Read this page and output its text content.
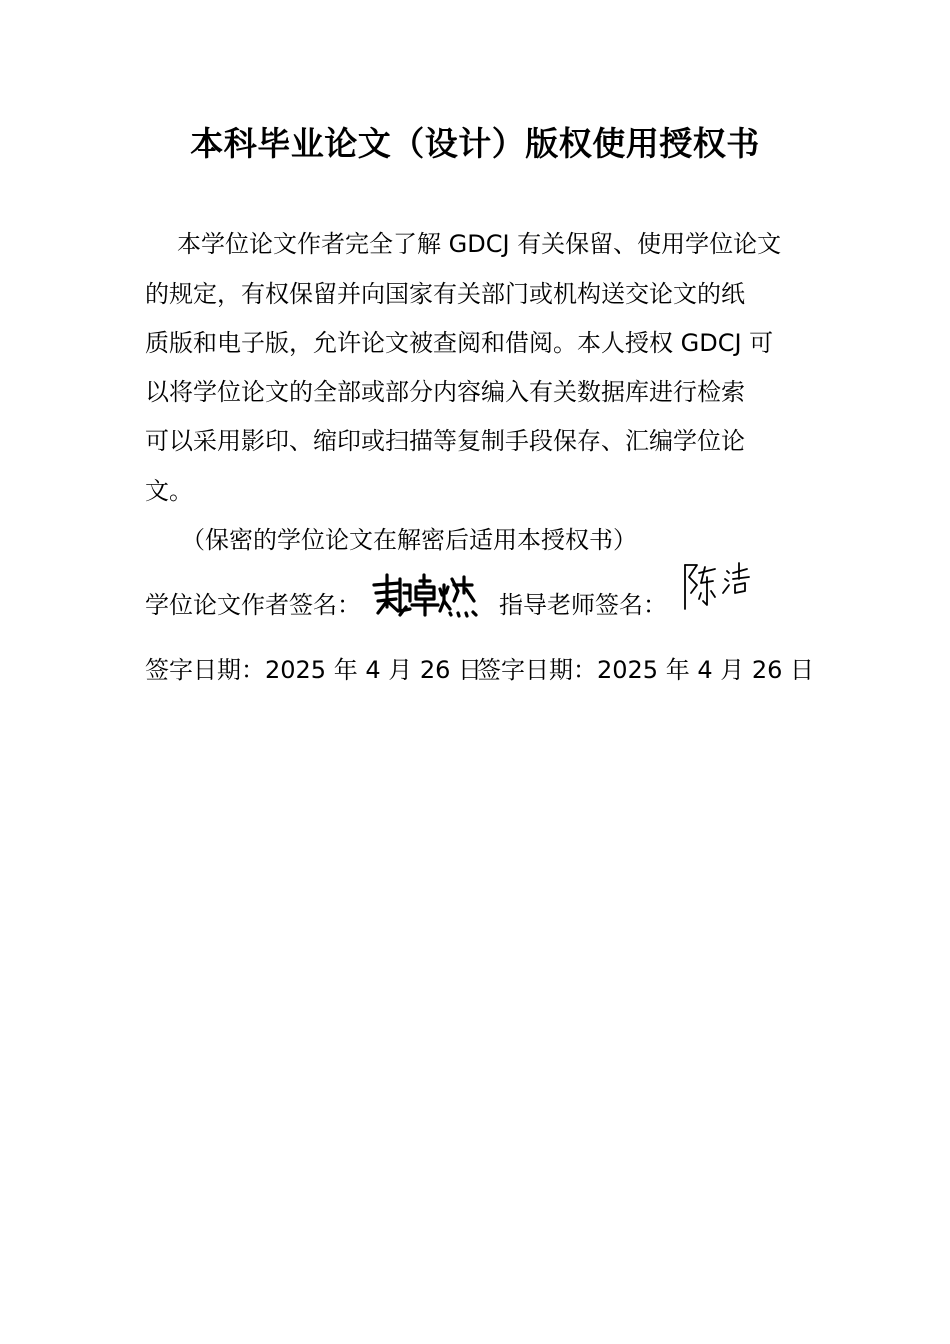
本科毕业论文（设计）版权使用授权书
本学位论文作者完全了解 GDCJ 有关保留、使用学位论文
的规定，有权保留并向国家有关部门或机构送交论文的纸
质版和电子版，允许论文被查阅和借阅。本人授权 GDCJ 可
以将学位论文的全部或部分内容编入有关数据库进行检索
可以采用影印、缩印或扫描等复制手段保存、汇编学位论
文。
（保密的学位论文在解密后适用本授权书）
学位论文作者签名：	指导老师签名：
签字日期：2025 年 4 月 26 日
签字日期：2025 年 4 月 26 日
